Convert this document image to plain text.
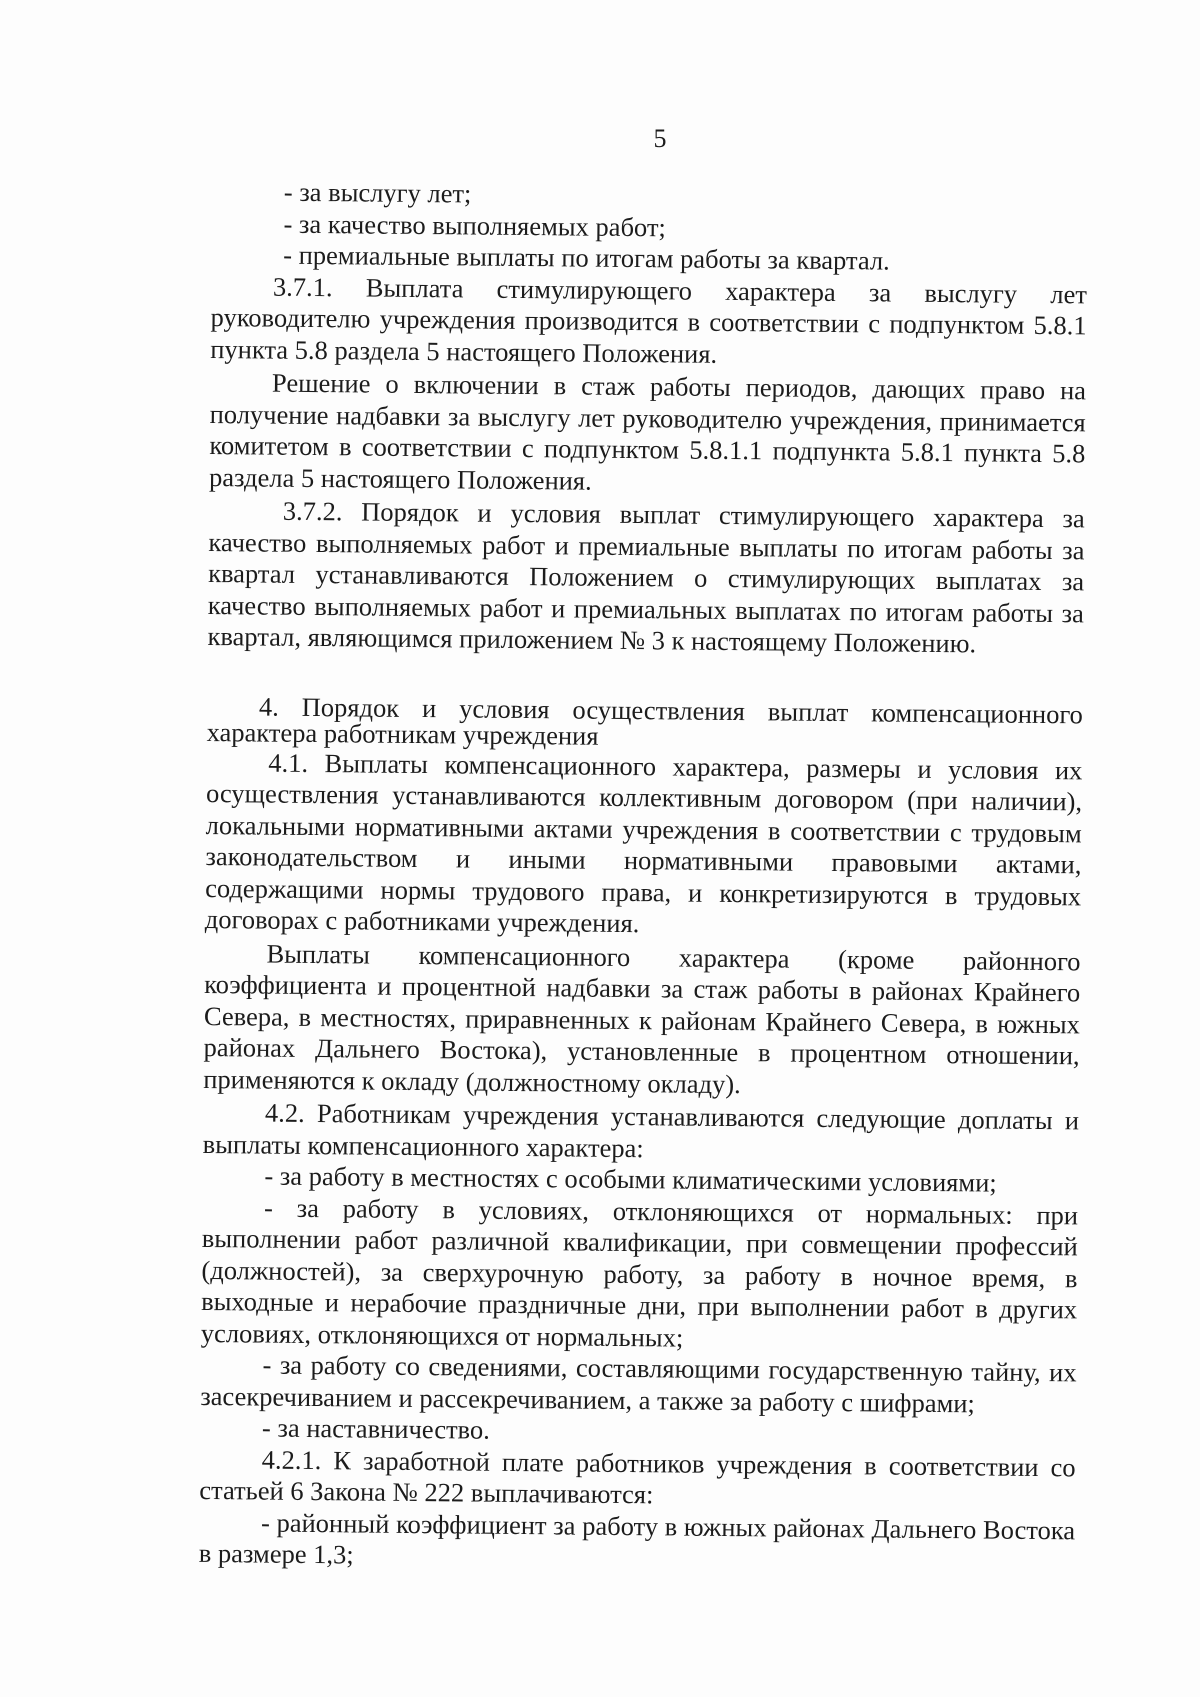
5

- за выслугу лет;

- за качество выполняемых работ;

- премиальные выплаты по итогам работы за квартал.

3.7.1. Выплата стимулирующего характера за выслугу лет руководителю учреждения производится в соответствии с подпунктом 5.8.1 пункта 5.8 раздела 5 настоящего Положения.

Решение о включении в стаж работы периодов, дающих право на получение надбавки за выслугу лет руководителю учреждения, принимается комитетом в соответствии с подпунктом 5.8.1.1 подпункта 5.8.1 пункта 5.8 раздела 5 настоящего Положения.

3.7.2. Порядок и условия выплат стимулирующего характера за качество выполняемых работ и премиальные выплаты по итогам работы за квартал устанавливаются Положением о стимулирующих выплатах за качество выполняемых работ и премиальных выплатах по итогам работы за квартал, являющимся приложением № 3 к настоящему Положению.

4. Порядок и условия осуществления выплат компенсационного характера работникам учреждения

4.1. Выплаты компенсационного характера, размеры и условия их осуществления устанавливаются коллективным договором (при наличии), локальными нормативными актами учреждения в соответствии с трудовым законодательством и иными нормативными правовыми актами, содержащими нормы трудового права, и конкретизируются в трудовых договорах с работниками учреждения.

Выплаты компенсационного характера (кроме районного коэффициента и процентной надбавки за стаж работы в районах Крайнего Севера, в местностях, приравненных к районам Крайнего Севера, в южных районах Дальнего Востока), установленные в процентном отношении, применяются к окладу (должностному окладу).

4.2. Работникам учреждения устанавливаются следующие доплаты и выплаты компенсационного характера:

- за работу в местностях с особыми климатическими условиями;

- за работу в условиях, отклоняющихся от нормальных: при выполнении работ различной квалификации, при совмещении профессий (должностей), за сверхурочную работу, за работу в ночное время, в выходные и нерабочие праздничные дни, при выполнении работ в других условиях, отклоняющихся от нормальных;

- за работу со сведениями, составляющими государственную тайну, их засекречиванием и рассекречиванием, а также за работу с шифрами;

- за наставничество.

4.2.1. К заработной плате работников учреждения в соответствии со статьей 6 Закона № 222 выплачиваются:

- районный коэффициент за работу в южных районах Дальнего Востока в размере 1,3;
